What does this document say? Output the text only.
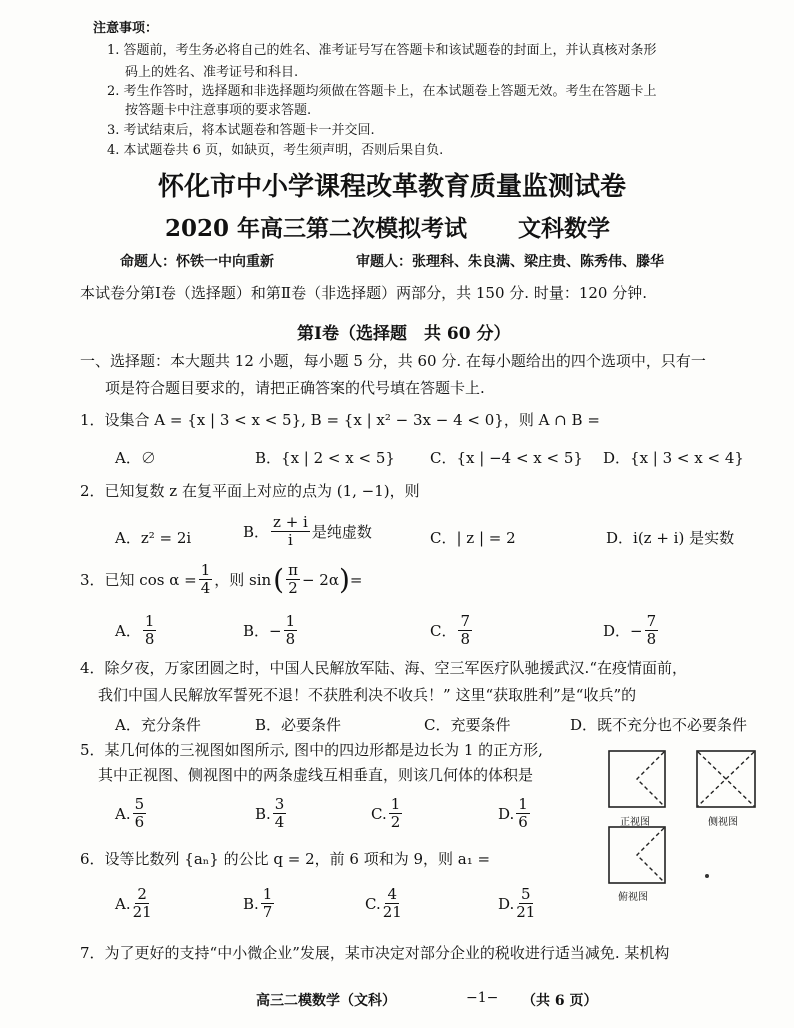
注意事项：
1. 答题前，考生务必将自己的姓名、准考证号写在答题卡和该试题卷的封面上，并认真核对条形
码上的姓名、准考证号和科目.
2. 考生作答时，选择题和非选择题均须做在答题卡上，在本试题卷上答题无效。考生在答题卡上
按答题卡中注意事项的要求答题.
3. 考试结束后，将本试题卷和答题卡一并交回.
4. 本试题卷共 6 页，如缺页，考生须声明，否则后果自负.
怀化市中小学课程改革教育质量监测试卷
2020 年高三第二次模拟考试 文科数学
命题人：怀铁一中向重新	审题人：张理科、朱良满、梁庄贵、陈秀伟、滕华
本试卷分第Ⅰ卷（选择题）和第Ⅱ卷（非选择题）两部分，共 150 分. 时量：120 分钟.
第Ⅰ卷（选择题　共 60 分）
一、选择题：本大题共 12 小题，每小题 5 分，共 60 分. 在每小题给出的四个选项中，只有一
项是符合题目要求的，请把正确答案的代号填在答题卡上.
1．设集合 A = {x | 3 < x < 5}, B = {x | x² − 3x − 4 < 0}，则 A ∩ B =
A．∅	B．{x | 2 < x < 5} C．{x | −4 < x < 5} D．{x | 3 < x < 4}
2．已知复数 z 在复平面上对应的点为 (1, −1)，则
A．z² = 2i	B． $\frac{z + i}{i}$ 是纯虚数	C．| z | = 2	D．i(z + i) 是实数
3．已知 $\cos \alpha = \frac{1}{4}$ ，则 sin ( $\frac{\pi}{2} - 2\alpha$ ) =
A． $\frac{1}{8}$	B．− $\frac{1}{8}$	C． $\frac{7}{8}$	D．− $\frac{7}{8}$
4．除夕夜，万家团圆之时，中国人民解放军陆、海、空三军医疗队驰援武汉.“在疫情面前，
我们中国人民解放军誓死不退！不获胜利决不收兵！” 这里“获取胜利”是“收兵”的
A．充分条件	B．必要条件	C．充要条件	D．既不充分也不必要条件
5．某几何体的三视图如图所示, 图中的四边形都是边长为 1 的正方形,
其中正视图、侧视图中的两条虚线互相垂直，则该几何体的体积是
A. $\frac{5}{6}$	B. $\frac{3}{4}$	C. $\frac{1}{2}$	D. $\frac{1}{6}$	正视图	侧视图
俯视图
6．设等比数列 {aₙ} 的公比 q = 2，前 6 项和为 9，则 a₁ =
A. $\frac{2}{21}$	B. $\frac{1}{7}$	C. $\frac{4}{21}$	D. $\frac{5}{21}$
7．为了更好的支持“中小微企业”发展，某市决定对部分企业的税收进行适当减免. 某机构
高三二模数学（文科）	−1− （共 6 页）
